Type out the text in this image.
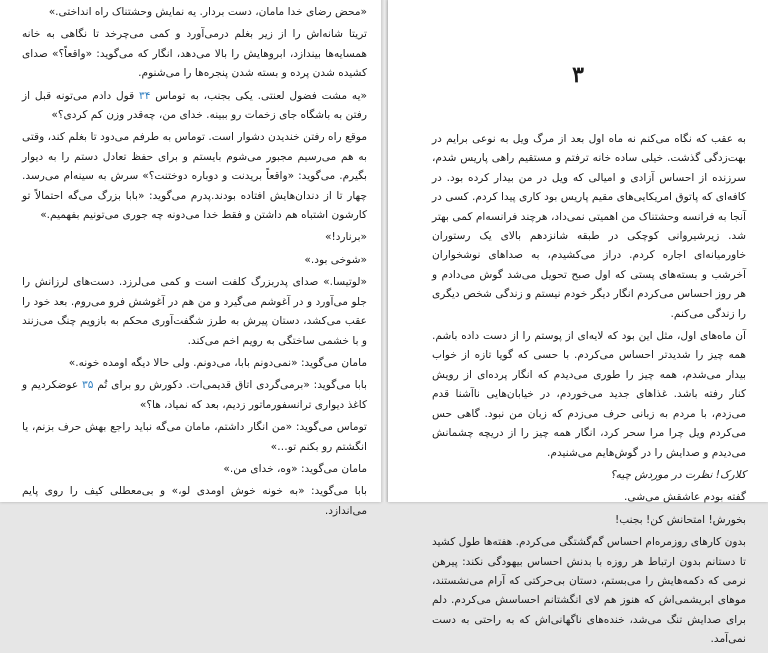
«محض رضای خدا مامان، دست بردار. یه نمایش وحشتناک راه انداختی.»

تریتا شانه‌اش را از زیر بغلم درمی‌آورد و کمی می‌چرخد تا نگاهی به خانه همسایه‌ها بیندازد، ابروهایش را بالا می‌دهد، انگار که می‌گوید: «واقعاً؟» صدای کشیده شدن پرده و بسته شدن پنجره‌ها را می‌شنوم.

«یه مشت فضول لعنتی. یکی بجنب، به توماس ۳۴ قول دادم می‌تونه قبل از رفتن به باشگاه جای زخمات رو ببینه. خدای من، چه‌قدر وزن کم کردی؟»

موقع راه رفتن خندیدن دشوار است. توماس به طرفم می‌دود تا بغلم کند، وقتی به هم می‌رسیم مجبور می‌شوم بایستم و برای حفظ تعادل دستم را به دیوار بگیرم. می‌گوید: «واقعاً بریدنت و دوباره دوختنت؟» سرش به سینه‌ام می‌رسد. چهار تا از دندان‌هایش افتاده بودند.پدرم می‌گوید: «بابا بزرگ می‌گه احتمالاً تو کارشون اشتباه هم داشتن و فقط خدا می‌دونه چه جوری می‌تونیم بفهمیم.»

«برنارد!»

«شوخی بود.»

«لوتیسا.» صدای پدربزرگ کلفت است و کمی می‌لرزد. دست‌های لرزانش را جلو می‌آورد و در آغوشم می‌گیرد و من هم در آغوشش فرو می‌روم. بعد خود را عقب می‌کشد، دستان پیرش به طرز شگفت‌آوری محکم به بازویم چنگ می‌زنند و با خشمی ساختگی به رویم اخم می‌کند.

مامان می‌گوید: «نمی‌دونم بابا، می‌دونم. ولی حالا دیگه اومده خونه.»

بابا می‌گوید: «برمی‌گردی اتاق قدیمی‌ات. دکورش رو برای تُم ۳۵ عوضکردیم و کاغذ دیواری ترانسفورماتور زدیم، بعد که نمیاد، ها؟»

توماس می‌گوید: «من انگار داشتم، مامان می‌گه نباید راجع بهش حرف بزنم، یا انگشتم رو بکنم تو…»

مامان می‌گوید: «وه، خدای من.»

بابا می‌گوید: «به خونه خوش اومدی لو،» و بی‌معطلی کیف را روی پایم می‌اندازد.

۳

به عقب که نگاه می‌کنم نه ماه اول بعد از مرگ ویل به نوعی برایم در بهت‌زدگی گذشت. خیلی ساده خانه ترفتم و مستقیم راهی پاریس شدم، سرزنده از احساس آزادی و امیالی که ویل در من بیدار کرده بود. در کافه‌ای که پاتوق امریکایی‌های مقیم پاریس بود کاری پیدا کردم. کسی در آنجا به فرانسه وحشتناک من اهمیتی نمی‌داد، هرچند فرانسه‌ام کمی بهتر شد. زیرشیروانی کوچکی در طبقه شانزدهم بالای یک رستوران خاورمیانه‌ای اجاره کردم. دراز می‌کشیدم، به صداهای نوشخواران آخرشب و بسته‌های پستی که اول صبح تحویل می‌شد گوش می‌دادم و هر روز احساس می‌کردم انگار دیگر خودم نیستم و زندگی شخص دیگری را زندگی می‌کنم.

آن ماه‌های اول، مثل این بود که لایه‌ای از پوستم را از دست داده باشم. همه چیز را شدیدتر احساس می‌کردم. با حسی که گویا تازه از خواب بیدار می‌شدم، همه چیز را طوری می‌دیدم که انگار پرده‌ای از رویش کنار رفته باشد. غذاهای جدید می‌خوردم، در خیابان‌هایی ناآشنا قدم می‌زدم، با مردم به زبانی حرف می‌زدم که زبان من نبود. گاهی حس می‌کردم ویل چرا مرا سحر کرد، انگار همه چیز را از دریچه چشمانش می‌دیدم و صدایش را در گوش‌هایم می‌شنیدم.

کلارک! نظرت در موردش چیه؟

گفته بودم عاشقش می‌شی.

بخورش! امتحانش کن! بجنب!

بدون کارهای روزمره‌ام احساس گم‌گشتگی می‌کردم. هفته‌ها طول کشید تا دستانم بدون ارتباط هر روزه با بدنش احساس بیهودگی نکند: پیرهن نرمی که دکمه‌هایش را می‌بستم، دستان بی‌حرکتی که آرام می‌نشستند، موهای ابریشمی‌اش که هنوز هم لای انگشتانم احساسش می‌کردم. دلم برای صدایش تنگ می‌شد، خنده‌های ناگهانی‌اش که به راحتی به دست نمی‌آمد.
